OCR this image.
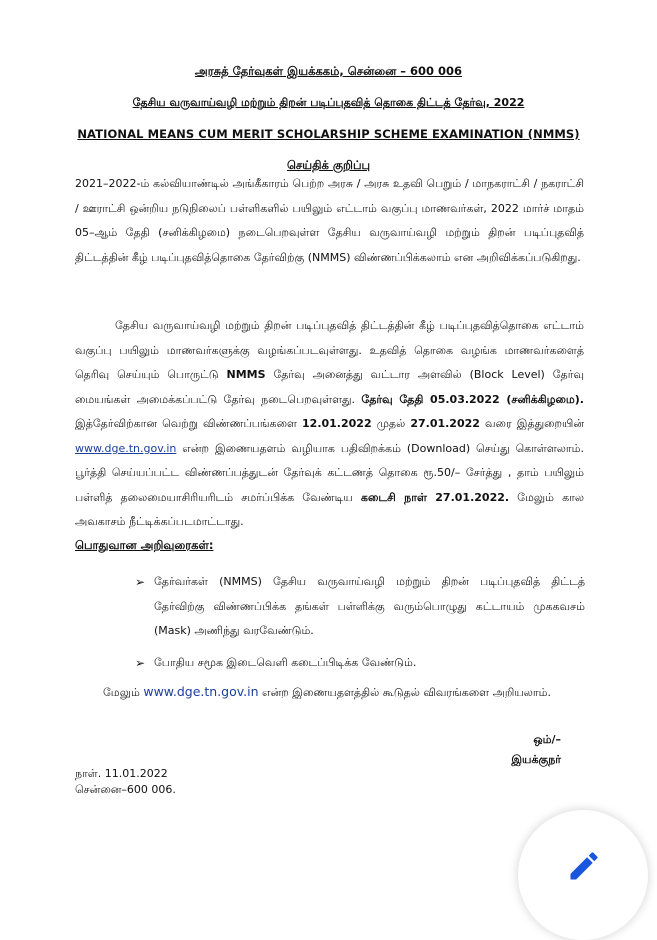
அரசுத் தேர்வுகள் இயக்ககம், சென்னை – 600 006
தேசிய வருவாய்வழி மற்றும் திறன் படிப்புதவித் தொகை திட்டத் தேர்வு, 2022
NATIONAL MEANS CUM MERIT SCHOLARSHIP SCHEME EXAMINATION (NMMS)
செய்திக் குறிப்பு
2021–2022-ம் கல்வியாண்டில் அங்கீகாரம் பெற்ற அரசு / அரசு உதவி பெறும் / மாநகராட்சி / நகராட்சி / ஊராட்சி ஒன்றிய நடுநிலைப் பள்ளிகளில் பயிலும் எட்டாம் வகுப்பு மாணவர்கள், 2022 மார்ச் மாதம் 05–ஆம் தேதி (சனிக்கிழமை) நடைபெறவுள்ள தேசிய வருவாய்வழி மற்றும் திறன் படிப்புதவித் திட்டத்தின் கீழ் படிப்புதவித்தொகை தேர்விற்கு (NMMS) விண்ணப்பிக்கலாம் என அறிவிக்கப்படுகிறது.
தேசிய வருவாய்வழி மற்றும் திறன் படிப்புதவித் திட்டத்தின் கீழ் படிப்புதவித்தொகை எட்டாம் வகுப்பு பயிலும் மாணவர்களுக்கு வழங்கப்படவுள்ளது. உதவித் தொகை வழங்க மாணவர்களைத் தெரிவு செய்யும் பொருட்டு NMMS தேர்வு அனைத்து வட்டார அளவில் (Block Level) தேர்வு மையங்கள் அமைக்கப்பட்டு தேர்வு நடைபெறவுள்ளது. தேர்வு தேதி 05.03.2022 (சனிக்கிழமை). இத்தேர்விற்கான வெற்று விண்ணப்பங்களை 12.01.2022 முதல் 27.01.2022 வரை இத்துறையின் www.dge.tn.gov.in என்ற இணையதளம் வழியாக பதிவிறக்கம் (Download) செய்து கொள்ளலாம். பூர்த்தி செய்யப்பட்ட விண்ணப்பத்துடன் தேர்வுக் கட்டணத் தொகை ரூ.50/– சேர்த்து , தாம் பயிலும் பள்ளித் தலைமையாசிரியரிடம் சமர்ப்பிக்க வேண்டிய கடைசி நாள் 27.01.2022. மேலும் கால அவகாசம் நீட்டிக்கப்படமாட்டாது.
பொதுவான அறிவுரைகள்:
➢ தேர்வர்கள் (NMMS) தேசிய வருவாய்வழி மற்றும் திறன் படிப்புதவித் திட்டத் தேர்விற்கு விண்ணப்பிக்க தங்கள் பள்ளிக்கு வரும்பொழுது கட்டாயம் முககவசம் (Mask) அணிந்து வரவேண்டும்.
➢ போதிய சமூக இடைவெளி கடைப்பிடிக்க வேண்டும்.
மேலும் www.dge.tn.gov.in என்ற இணையதளத்தில் கூடுதல் விவரங்களை அறியலாம்.
ஒம்/–
இயக்குநர்
நாள். 11.01.2022
சென்னை–600 006.
